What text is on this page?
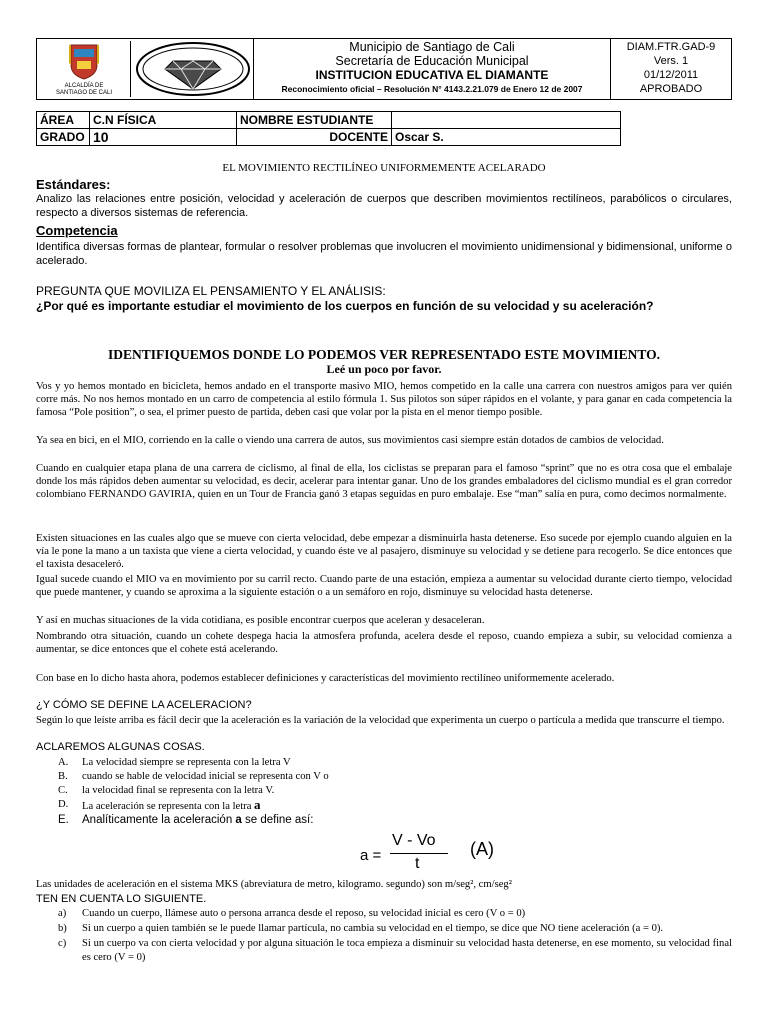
ALCALDÍA DE
SANTIAGO DE CALI
Municipio de Santiago de Cali
Secretaría de Educación Municipal
INSTITUCION EDUCATIVA EL DIAMANTE
Reconocimiento oficial – Resolución N° 4143.2.21.079 de Enero 12 de 2007
DIAM.FTR.GAD-9
Vers. 1
01/12/2011
APROBADO
ÁREA	C.N FÍSICA	NOMBRE ESTUDIANTE	
GRADO	10	DOCENTE	Oscar S.
EL MOVIMIENTO RECTILÍNEO UNIFORMEMENTE ACELARADO
Estándares:
Analizo las relaciones entre posición, velocidad y aceleración de cuerpos que describen movimientos rectilíneos, parabólicos o circulares, respecto a diversos sistemas de referencia.
Competencia
Identifica diversas formas de plantear, formular o resolver problemas que involucren el movimiento unidimensional y bidimensional, uniforme o acelerado.
PREGUNTA QUE MOVILIZA EL PENSAMIENTO Y EL ANÁLISIS:
¿Por qué es importante estudiar el movimiento de los cuerpos en función de su velocidad y su aceleración?
IDENTIFIQUEMOS DONDE LO PODEMOS VER REPRESENTADO ESTE MOVIMIENTO.
Leé un poco por favor.
Vos y yo hemos montado en bicicleta, hemos andado en el transporte masivo MIO, hemos competido en la calle una carrera con nuestros amigos para ver quién corre más. No nos hemos montado en un carro de competencia al estilo fórmula 1. Sus pilotos son súper rápidos en el volante, y para ganar en cada competencia la famosa “Pole position”, o sea, el primer puesto de partida, deben casi que volar por la pista en el menor tiempo posible.
Ya sea en bici, en el MIO, corriendo en la calle o viendo una carrera de autos, sus movimientos casi siempre están dotados de cambios de velocidad.
Cuando en cualquier etapa plana de una carrera de ciclismo, al final de ella, los ciclistas se preparan para el famoso “sprint” que no es otra cosa que el embalaje donde los más rápidos deben aumentar su velocidad, es decir, acelerar para intentar ganar. Uno de los grandes embaladores del ciclismo mundial es el gran corredor colombiano FERNANDO GAVIRIA, quien en un Tour de Francia ganó 3 etapas seguidas en puro embalaje. Ese “man” salía en pura, como decimos normalmente.
Existen situaciones en las cuales algo que se mueve con cierta velocidad, debe empezar a disminuirla hasta detenerse. Eso sucede por ejemplo cuando alguien en la vía le pone la mano a un taxista que viene a cierta velocidad, y cuando éste ve al pasajero, disminuye su velocidad y se detiene para recogerlo. Se dice entonces que el taxista desaceleró.
Igual sucede cuando el MIO va en movimiento por su carril recto. Cuando parte de una estación, empieza a aumentar su velocidad durante cierto tiempo, velocidad que puede mantener, y cuando se aproxima a la siguiente estación o a un semáforo en rojo, disminuye su velocidad hasta detenerse.
Y así en muchas situaciones de la vida cotidiana, es posible encontrar cuerpos que aceleran y desaceleran.
Nombrando otra situación, cuando un cohete despega hacia la atmosfera profunda, acelera desde el reposo, cuando empieza a subir, su velocidad comienza a aumentar, se dice entonces que el cohete está acelerando.
Con base en lo dicho hasta ahora, podemos establecer definiciones y características del movimiento rectilíneo uniformemente acelerado.
¿Y CÓMO SE DEFINE LA ACELERACION?
Según lo que leíste arriba es fácil decir que la aceleración es la variación de la velocidad que experimenta un cuerpo o partícula a medida que transcurre el tiempo.
ACLAREMOS ALGUNAS COSAS.
A. La velocidad siempre se representa con la letra V
B. cuando se hable de velocidad inicial se representa con V o
C. la velocidad final se representa con la letra V.
D. La aceleración se representa con la letra a
E. Analíticamente la aceleración a se define así:
a =
V - Vo
t
(A)
Las unidades de aceleración en el sistema MKS (abreviatura de metro, kilogramo. segundo) son m/seg², cm/seg²
TEN EN CUENTA LO SIGUIENTE.
a) Cuando un cuerpo, llámese auto o persona arranca desde el reposo, su velocidad inicial es cero (V o = 0)
b) Si un cuerpo a quien también se le puede llamar partícula, no cambia su velocidad en el tiempo, se dice que NO tiene aceleración (a = 0).
c) Si un cuerpo va con cierta velocidad y por alguna situación le toca empieza a disminuir su velocidad hasta detenerse, en ese momento, su velocidad final es cero (V = 0)
